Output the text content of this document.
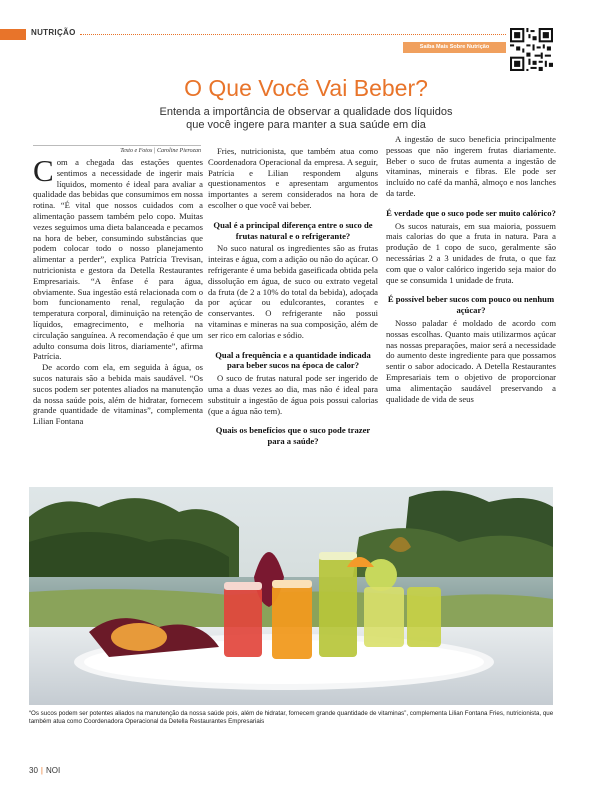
NUTRIÇÃO
Saiba Mais Sobre Nutrição
O Que Você Vai Beber?

Entenda a importância de observar a qualidade dos líquidos
que você ingere para manter a sua saúde em dia

Texto e Fotos | Caroline Pierozan

Com a chegada das estações quentes sentimos a necessidade de ingerir mais líquidos, momento é ideal para avaliar a qualidade das bebidas que consumimos em nossa rotina. “É vital que nossos cuidados com a alimentação passem também pelo copo. Muitas vezes seguimos uma dieta balanceada e pecamos na hora de beber, consumindo substâncias que podem colocar todo o nosso planejamento alimentar a perder”, explica Patrícia Trevisan, nutricionista e gestora da Detella Restaurantes Empresariais. “A ênfase é para água, obviamente. Sua ingestão está relacionada com o bom funcionamento renal, regulação da temperatura corporal, diminuição na retenção de líquidos, emagrecimento, e melhoria na circulação sanguínea. A recomendação é que um adulto consuma dois litros, diariamente”, afirma Patrícia.

De acordo com ela, em seguida à água, os sucos naturais são a bebida mais saudável. “Os sucos podem ser potentes aliados na manutenção da nossa saúde pois, além de hidratar, fornecem grande quantidade de vitaminas”, complementa Lilian Fontana

Fries, nutricionista, que também atua como Coordenadora Operacional da empresa. A seguir, Patrícia e Lilian respondem alguns questionamentos e apresentam argumentos importantes a serem considerados na hora de escolher o que você vai beber.

Qual é a principal diferença entre o suco de frutas natural e o refrigerante?

No suco natural os ingredientes são as frutas inteiras e água, com a adição ou não do açúcar. O refrigerante é uma bebida gaseificada obtida pela dissolução em água, de suco ou extrato vegetal da fruta (de 2 a 10% do total da bebida), adoçada por açúcar ou edulcorantes, corantes e conservantes. O refrigerante não possui vitaminas e mineras na sua composição, além de ser rico em calorias e sódio.

Qual a frequência e a quantidade indicada para beber sucos na época de calor?

O suco de frutas natural pode ser ingerido de uma a duas vezes ao dia, mas não é ideal para substituir a ingestão de água pois possui calorias (que a água não tem).

Quais os benefícios que o suco pode trazer para a saúde?

A ingestão de suco beneficia principalmente pessoas que não ingerem frutas diariamente. Beber o suco de frutas aumenta a ingestão de vitaminas, minerais e fibras. Ele pode ser incluído no café da manhã, almoço e nos lanches da tarde.

É verdade que o suco pode ser muito calórico?

Os sucos naturais, em sua maioria, possuem mais calorias do que a fruta in natura. Para a produção de 1 copo de suco, geralmente são necessárias 2 a 3 unidades de fruta, o que faz com que o valor calórico ingerido seja maior do que se consumida 1 unidade de fruta.

É possível beber sucos com pouco ou nenhum açúcar?

Nosso paladar é moldado de acordo com nossas escolhas. Quanto mais utilizarmos açúcar nas nossas preparações, maior será a necessidade do aumento deste ingrediente para que possamos sentir o sabor adocicado. A Detella Restaurantes Empresariais tem o objetivo de proporcionar uma alimentação saudável preservando a qualidade de vida de seus

“Os sucos podem ser potentes aliados na manutenção da nossa saúde pois, além de hidratar, fornecem grande quantidade de vitaminas”, complementa Lilian Fontana Fries, nutricionista, que também atua como Coordenadora Operacional da Detella Restaurantes Empresariais
30 | NOI
